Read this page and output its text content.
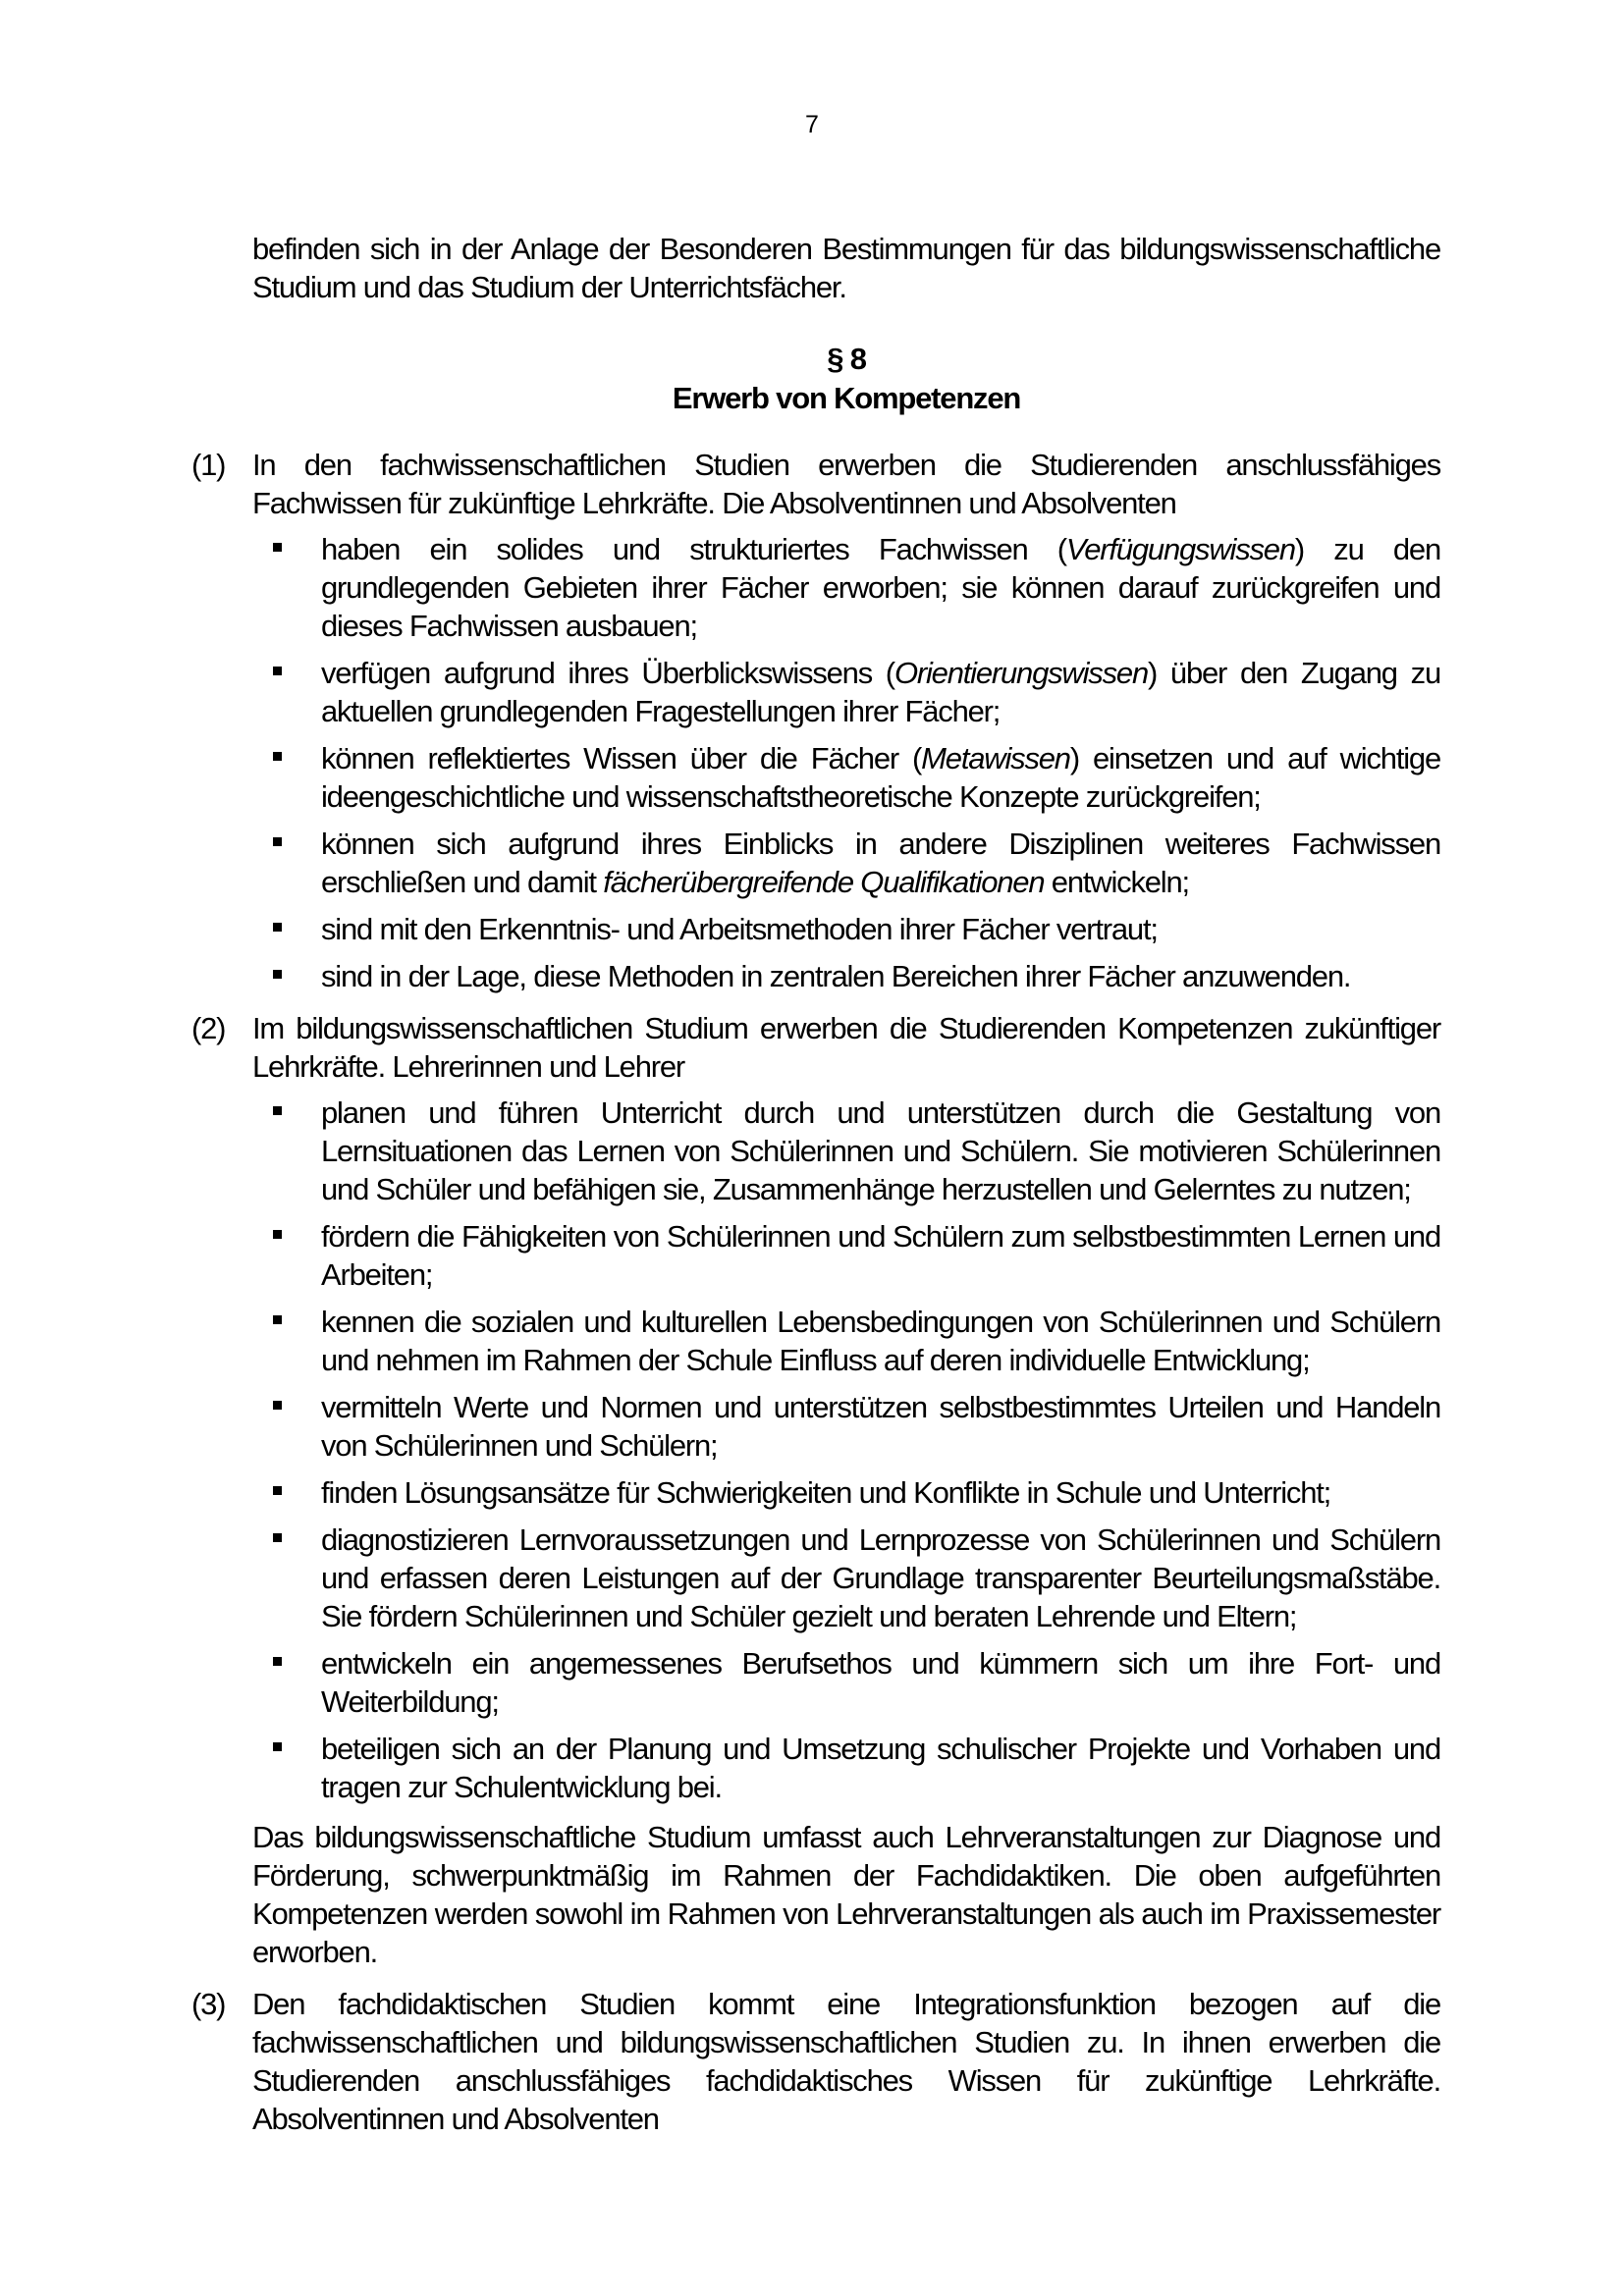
7

befinden sich in der Anlage der Besonderen Bestimmungen für das bildungswissenschaftliche Studium und das Studium der Unterrichtsfächer.

§ 8
Erwerb von Kompetenzen
(1) In den fachwissenschaftlichen Studien erwerben die Studierenden anschlussfähiges Fachwissen für zukünftige Lehrkräfte. Die Absolventinnen und Absolventen

haben ein solides und strukturiertes Fachwissen (Verfügungswissen) zu den grundlegenden Gebieten ihrer Fächer erworben; sie können darauf zurückgreifen und dieses Fachwissen ausbauen;
verfügen aufgrund ihres Überblickswissens (Orientierungswissen) über den Zugang zu aktuellen grundlegenden Fragestellungen ihrer Fächer;
können reflektiertes Wissen über die Fächer (Metawissen) einsetzen und auf wichtige ideengeschichtliche und wissenschaftstheoretische Konzepte zurückgreifen;
können sich aufgrund ihres Einblicks in andere Disziplinen weiteres Fachwissen erschließen und damit fächerübergreifende Qualifikationen entwickeln;
sind mit den Erkenntnis- und Arbeitsmethoden ihrer Fächer vertraut;
sind in der Lage, diese Methoden in zentralen Bereichen ihrer Fächer anzuwenden.
(2) Im bildungswissenschaftlichen Studium erwerben die Studierenden Kompetenzen zukünftiger Lehrkräfte. Lehrerinnen und Lehrer

planen und führen Unterricht durch und unterstützen durch die Gestaltung von Lernsituationen das Lernen von Schülerinnen und Schülern. Sie motivieren Schülerinnen und Schüler und befähigen sie, Zusammenhänge herzustellen und Gelerntes zu nutzen;
fördern die Fähigkeiten von Schülerinnen und Schülern zum selbstbestimmten Lernen und Arbeiten;
kennen die sozialen und kulturellen Lebensbedingungen von Schülerinnen und Schülern und nehmen im Rahmen der Schule Einfluss auf deren individuelle Entwicklung;
vermitteln Werte und Normen und unterstützen selbstbestimmtes Urteilen und Handeln von Schülerinnen und Schülern;
finden Lösungsansätze für Schwierigkeiten und Konflikte in Schule und Unterricht;
diagnostizieren Lernvoraussetzungen und Lernprozesse von Schülerinnen und Schülern und erfassen deren Leistungen auf der Grundlage transparenter Beurteilungsmaßstäbe. Sie fördern Schülerinnen und Schüler gezielt und beraten Lehrende und Eltern;
entwickeln ein angemessenes Berufsethos und kümmern sich um ihre Fort- und Weiterbildung;
beteiligen sich an der Planung und Umsetzung schulischer Projekte und Vorhaben und tragen zur Schulentwicklung bei.

Das bildungswissenschaftliche Studium umfasst auch Lehrveranstaltungen zur Diagnose und Förderung, schwerpunktmäßig im Rahmen der Fachdidaktiken. Die oben aufgeführten Kompetenzen werden sowohl im Rahmen von Lehrveranstaltungen als auch im Praxissemester erworben.

(3) Den fachdidaktischen Studien kommt eine Integrationsfunktion bezogen auf die fachwissenschaftlichen und bildungswissenschaftlichen Studien zu. In ihnen erwerben die Studierenden anschlussfähiges fachdidaktisches Wissen für zukünftige Lehrkräfte. Absolventinnen und Absolventen
